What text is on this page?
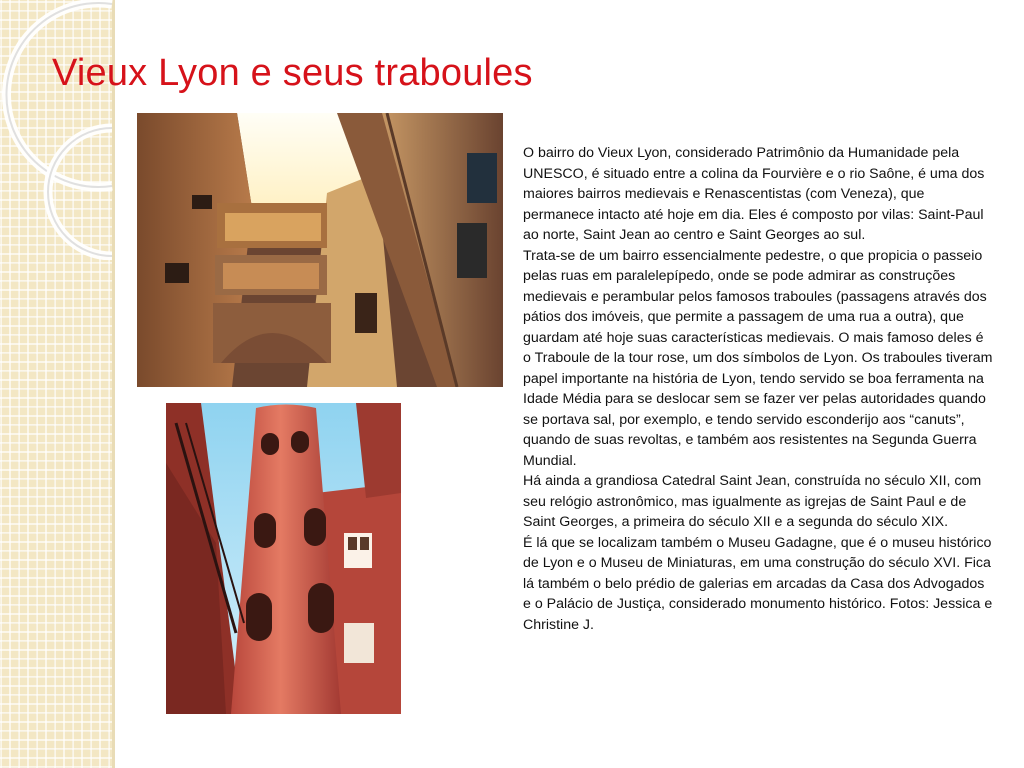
Vieux Lyon e seus traboules

O bairro do Vieux Lyon, considerado Patrimônio da Humanidade pela UNESCO, é situado entre a colina da Fourvière e o rio Saône, é uma dos maiores bairros medievais e Renascentistas (com Veneza), que permanece intacto até hoje em dia. Eles é composto por vilas: Saint-Paul ao norte, Saint Jean ao centro e Saint Georges ao sul.

Trata-se de um bairro essencialmente pedestre, o que propicia o passeio pelas ruas em paralelepípedo, onde se pode admirar as construções medievais e perambular pelos famosos traboules (passagens através dos pátios dos imóveis, que permite a passagem de uma rua a outra), que guardam até hoje suas características medievais. O mais famoso deles é o Traboule de la tour rose, um dos símbolos de Lyon. Os traboules tiveram papel importante na história de Lyon, tendo servido se boa ferramenta na Idade Média para se deslocar sem se fazer ver pelas autoridades quando se portava sal, por exemplo, e tendo servido esconderijo aos “canuts”, quando de suas revoltas, e também aos resistentes na Segunda Guerra Mundial.

Há ainda a grandiosa Catedral Saint Jean, construída no século XII, com seu relógio astronômico, mas igualmente as igrejas de Saint Paul e de Saint Georges, a primeira do século XII e a segunda do século XIX.

É lá que se localizam também o Museu Gadagne, que é o museu histórico de Lyon e o Museu de Miniaturas, em uma construção do século XVI. Fica lá também o belo prédio de galerias em arcadas da Casa dos Advogados e o Palácio de Justiça, considerado monumento histórico. Fotos: Jessica e Christine J.
